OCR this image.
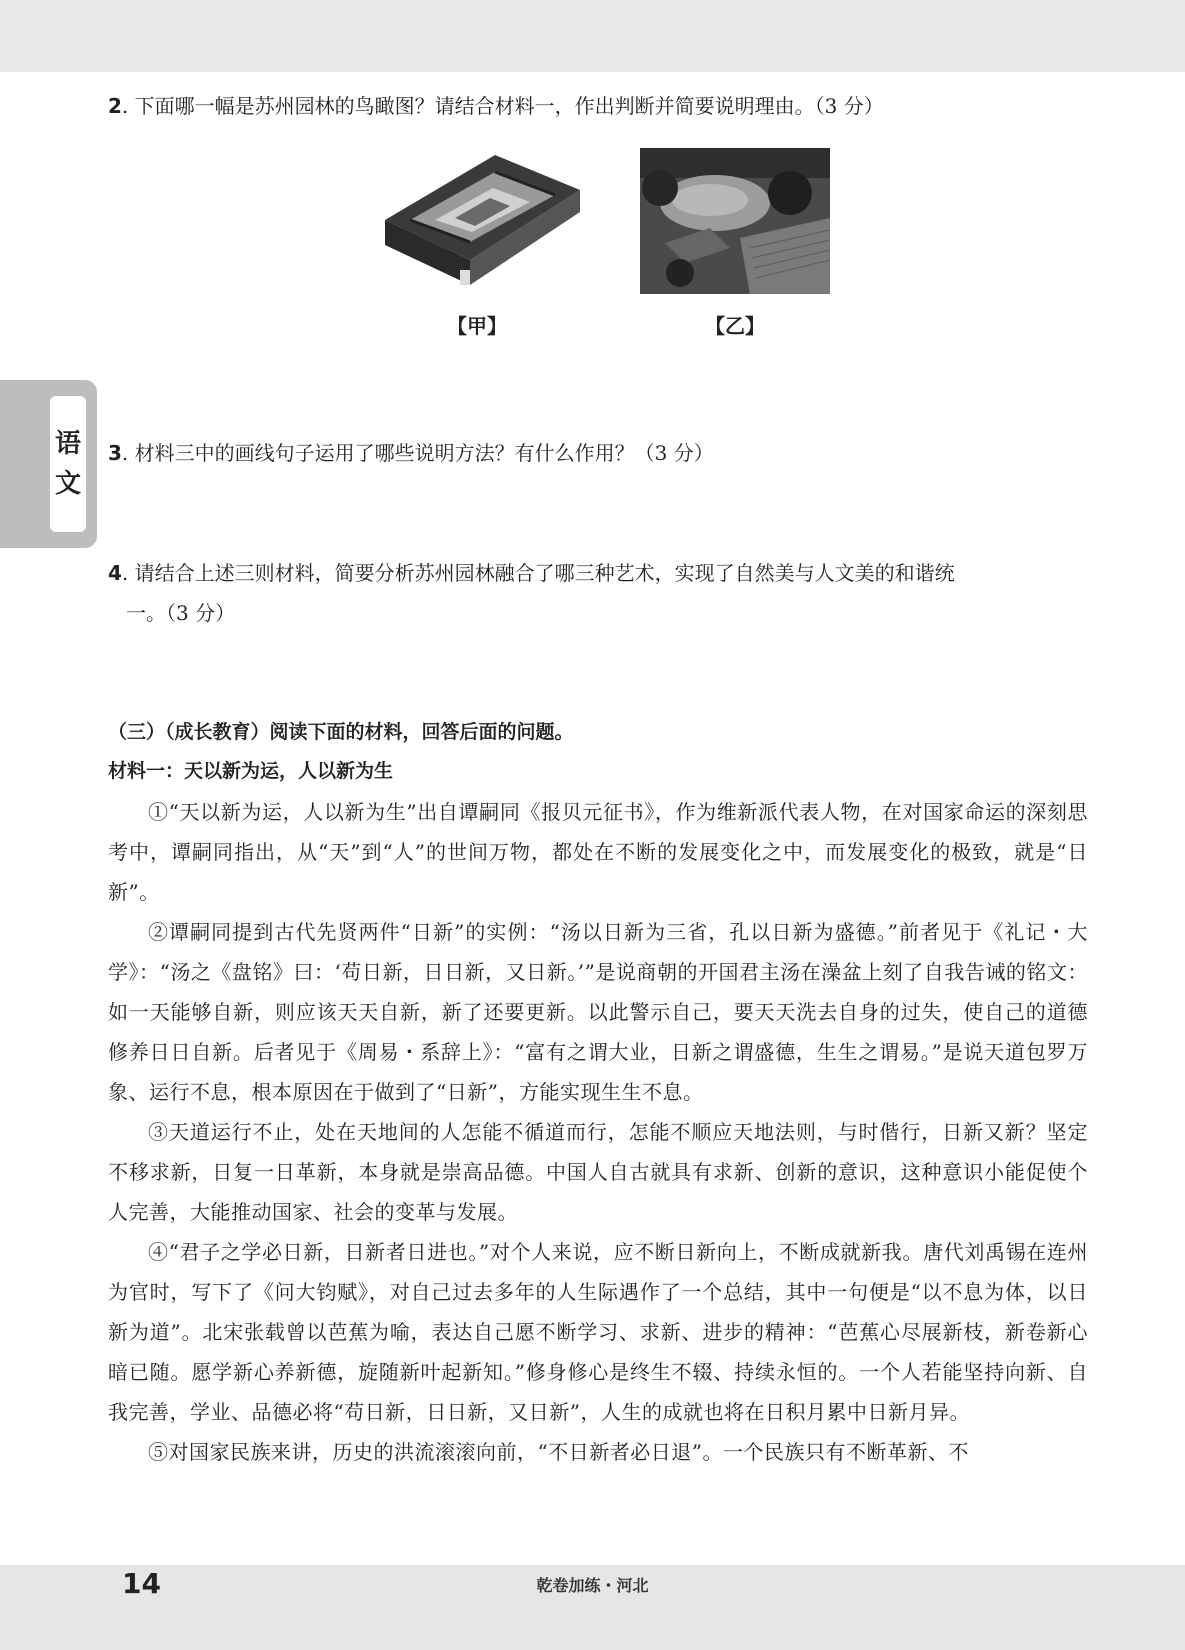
2. 下面哪一幅是苏州园林的鸟瞰图？请结合材料一，作出判断并简要说明理由。（3 分）
【甲】	【乙】
语
文
3. 材料三中的画线句子运用了哪些说明方法？有什么作用？（3 分）
4. 请结合上述三则材料，简要分析苏州园林融合了哪三种艺术，实现了自然美与人文美的和谐统
一。（3 分）
（三）（成长教育）阅读下面的材料，回答后面的问题。
材料一：天以新为运，人以新为生

①“天以新为运，人以新为生”出自谭嗣同《报贝元征书》，作为维新派代表人物，在对国家命运的深刻思考中，谭嗣同指出，从“天”到“人”的世间万物，都处在不断的发展变化之中，而发展变化的极致，就是“日新”。

②谭嗣同提到古代先贤两件“日新”的实例：“汤以日新为三省，孔以日新为盛德。”前者见于《礼记・大学》：“汤之《盘铭》曰：‘苟日新，日日新，又日新。’”是说商朝的开国君主汤在澡盆上刻了自我告诫的铭文：如一天能够自新，则应该天天自新，新了还要更新。以此警示自己，要天天洗去自身的过失，使自己的道德修养日日自新。后者见于《周易・系辞上》：“富有之谓大业，日新之谓盛德，生生之谓易。”是说天道包罗万象、运行不息，根本原因在于做到了“日新”，方能实现生生不息。

③天道运行不止，处在天地间的人怎能不循道而行，怎能不顺应天地法则，与时偕行，日新又新？坚定不移求新，日复一日革新，本身就是崇高品德。中国人自古就具有求新、创新的意识，这种意识小能促使个人完善，大能推动国家、社会的变革与发展。

④“君子之学必日新，日新者日进也。”对个人来说，应不断日新向上，不断成就新我。唐代刘禹锡在连州为官时，写下了《问大钧赋》，对自己过去多年的人生际遇作了一个总结，其中一句便是“以不息为体，以日新为道”。北宋张载曾以芭蕉为喻，表达自己愿不断学习、求新、进步的精神：“芭蕉心尽展新枝，新卷新心暗已随。愿学新心养新德，旋随新叶起新知。”修身修心是终生不辍、持续永恒的。一个人若能坚持向新、自我完善，学业、品德必将“苟日新，日日新，又日新”，人生的成就也将在日积月累中日新月异。

⑤对国家民族来讲，历史的洪流滚滚向前，“不日新者必日退”。一个民族只有不断革新、不

14	乾卷加练・河北
